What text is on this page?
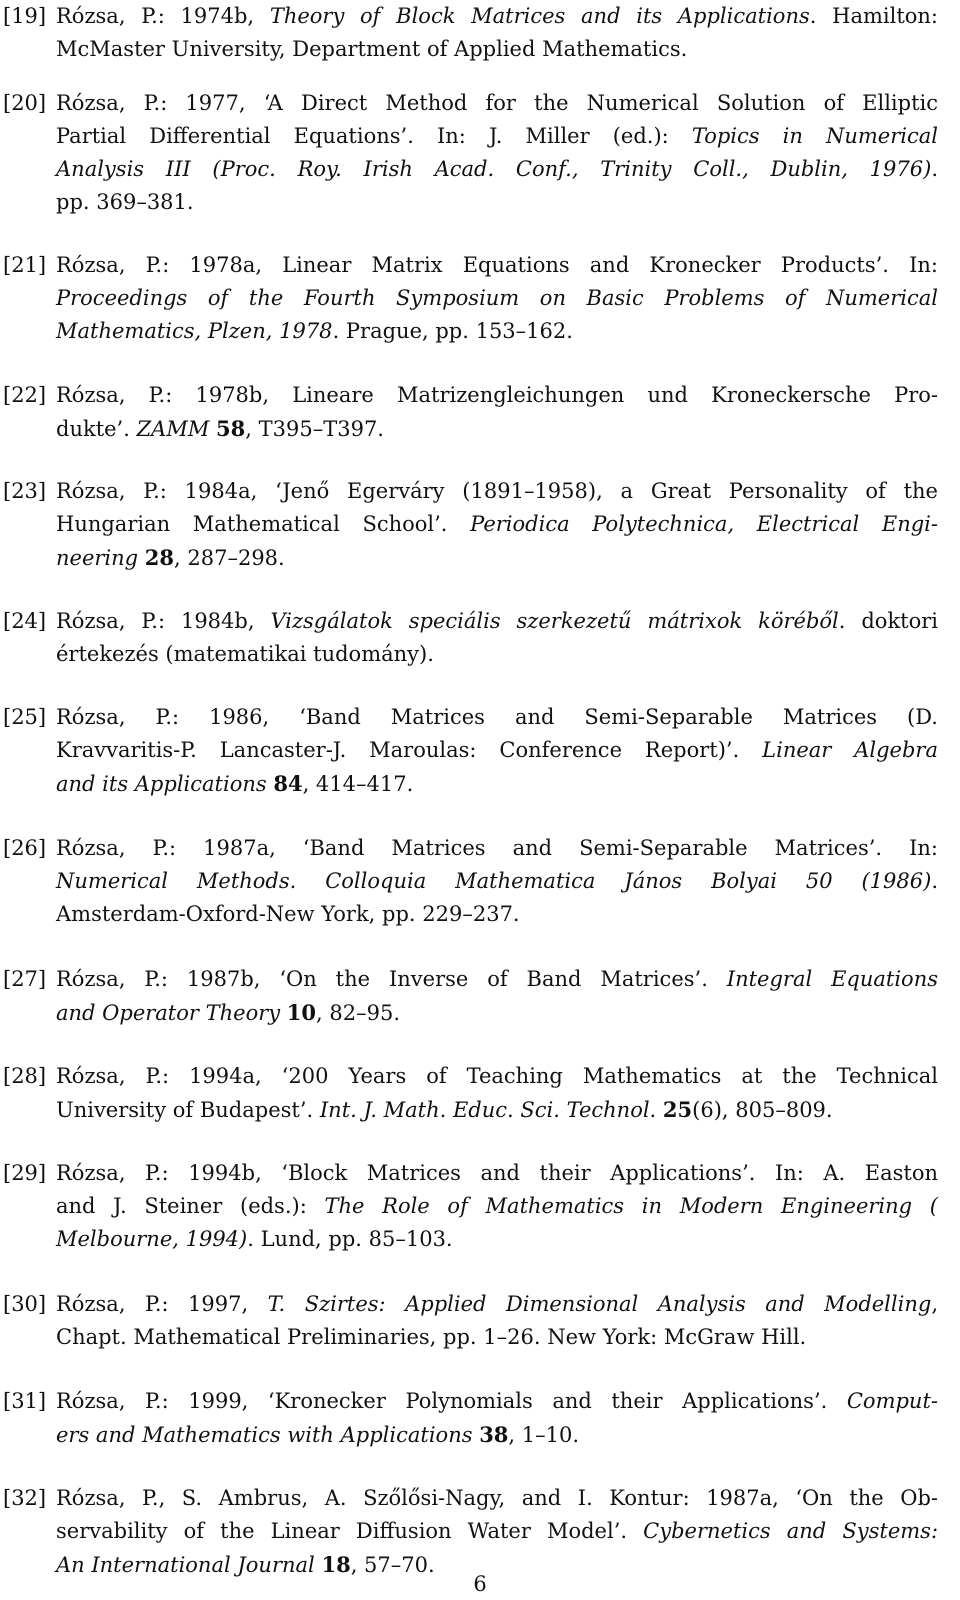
[19] Rózsa, P.: 1974b, Theory of Block Matrices and its Applications. Hamilton:
McMaster University, Department of Applied Mathematics.
[20] Rózsa, P.: 1977, ‘A Direct Method for the Numerical Solution of Elliptic
Partial Differential Equations’. In: J. Miller (ed.): Topics in Numerical
Analysis III (Proc. Roy. Irish Acad. Conf., Trinity Coll., Dublin, 1976).
pp. 369–381.
[21] Rózsa, P.: 1978a, Linear Matrix Equations and Kronecker Products’. In:
Proceedings of the Fourth Symposium on Basic Problems of Numerical
Mathematics, Plzen, 1978. Prague, pp. 153–162.
[22] Rózsa, P.: 1978b, Lineare Matrizengleichungen und Kroneckersche Pro-
dukte’. ZAMM 58, T395–T397.
[23] Rózsa, P.: 1984a, ‘Jenő Egerváry (1891–1958), a Great Personality of the
Hungarian Mathematical School’. Periodica Polytechnica, Electrical Engi-
neering 28, 287–298.
[24] Rózsa, P.: 1984b, Vizsgálatok speciális szerkezetű mátrixok köréből. doktori
értekezés (matematikai tudomány).
[25] Rózsa, P.: 1986, ‘Band Matrices and Semi-Separable Matrices (D.
Kravvaritis-P. Lancaster-J. Maroulas: Conference Report)’. Linear Algebra
and its Applications 84, 414–417.
[26] Rózsa, P.: 1987a, ‘Band Matrices and Semi-Separable Matrices’. In:
Numerical Methods. Colloquia Mathematica János Bolyai 50 (1986).
Amsterdam-Oxford-New York, pp. 229–237.
[27] Rózsa, P.: 1987b, ‘On the Inverse of Band Matrices’. Integral Equations
and Operator Theory 10, 82–95.
[28] Rózsa, P.: 1994a, ‘200 Years of Teaching Mathematics at the Technical
University of Budapest’. Int. J. Math. Educ. Sci. Technol. 25(6), 805–809.
[29] Rózsa, P.: 1994b, ‘Block Matrices and their Applications’. In: A. Easton
and J. Steiner (eds.): The Role of Mathematics in Modern Engineering (
Melbourne, 1994). Lund, pp. 85–103.
[30] Rózsa, P.: 1997, T. Szirtes: Applied Dimensional Analysis and Modelling,
Chapt. Mathematical Preliminaries, pp. 1–26. New York: McGraw Hill.
[31] Rózsa, P.: 1999, ‘Kronecker Polynomials and their Applications’. Comput-
ers and Mathematics with Applications 38, 1–10.
[32] Rózsa, P., S. Ambrus, A. Szőlősi-Nagy, and I. Kontur: 1987a, ‘On the Ob-
servability of the Linear Diffusion Water Model’. Cybernetics and Systems:
An International Journal 18, 57–70.
6
